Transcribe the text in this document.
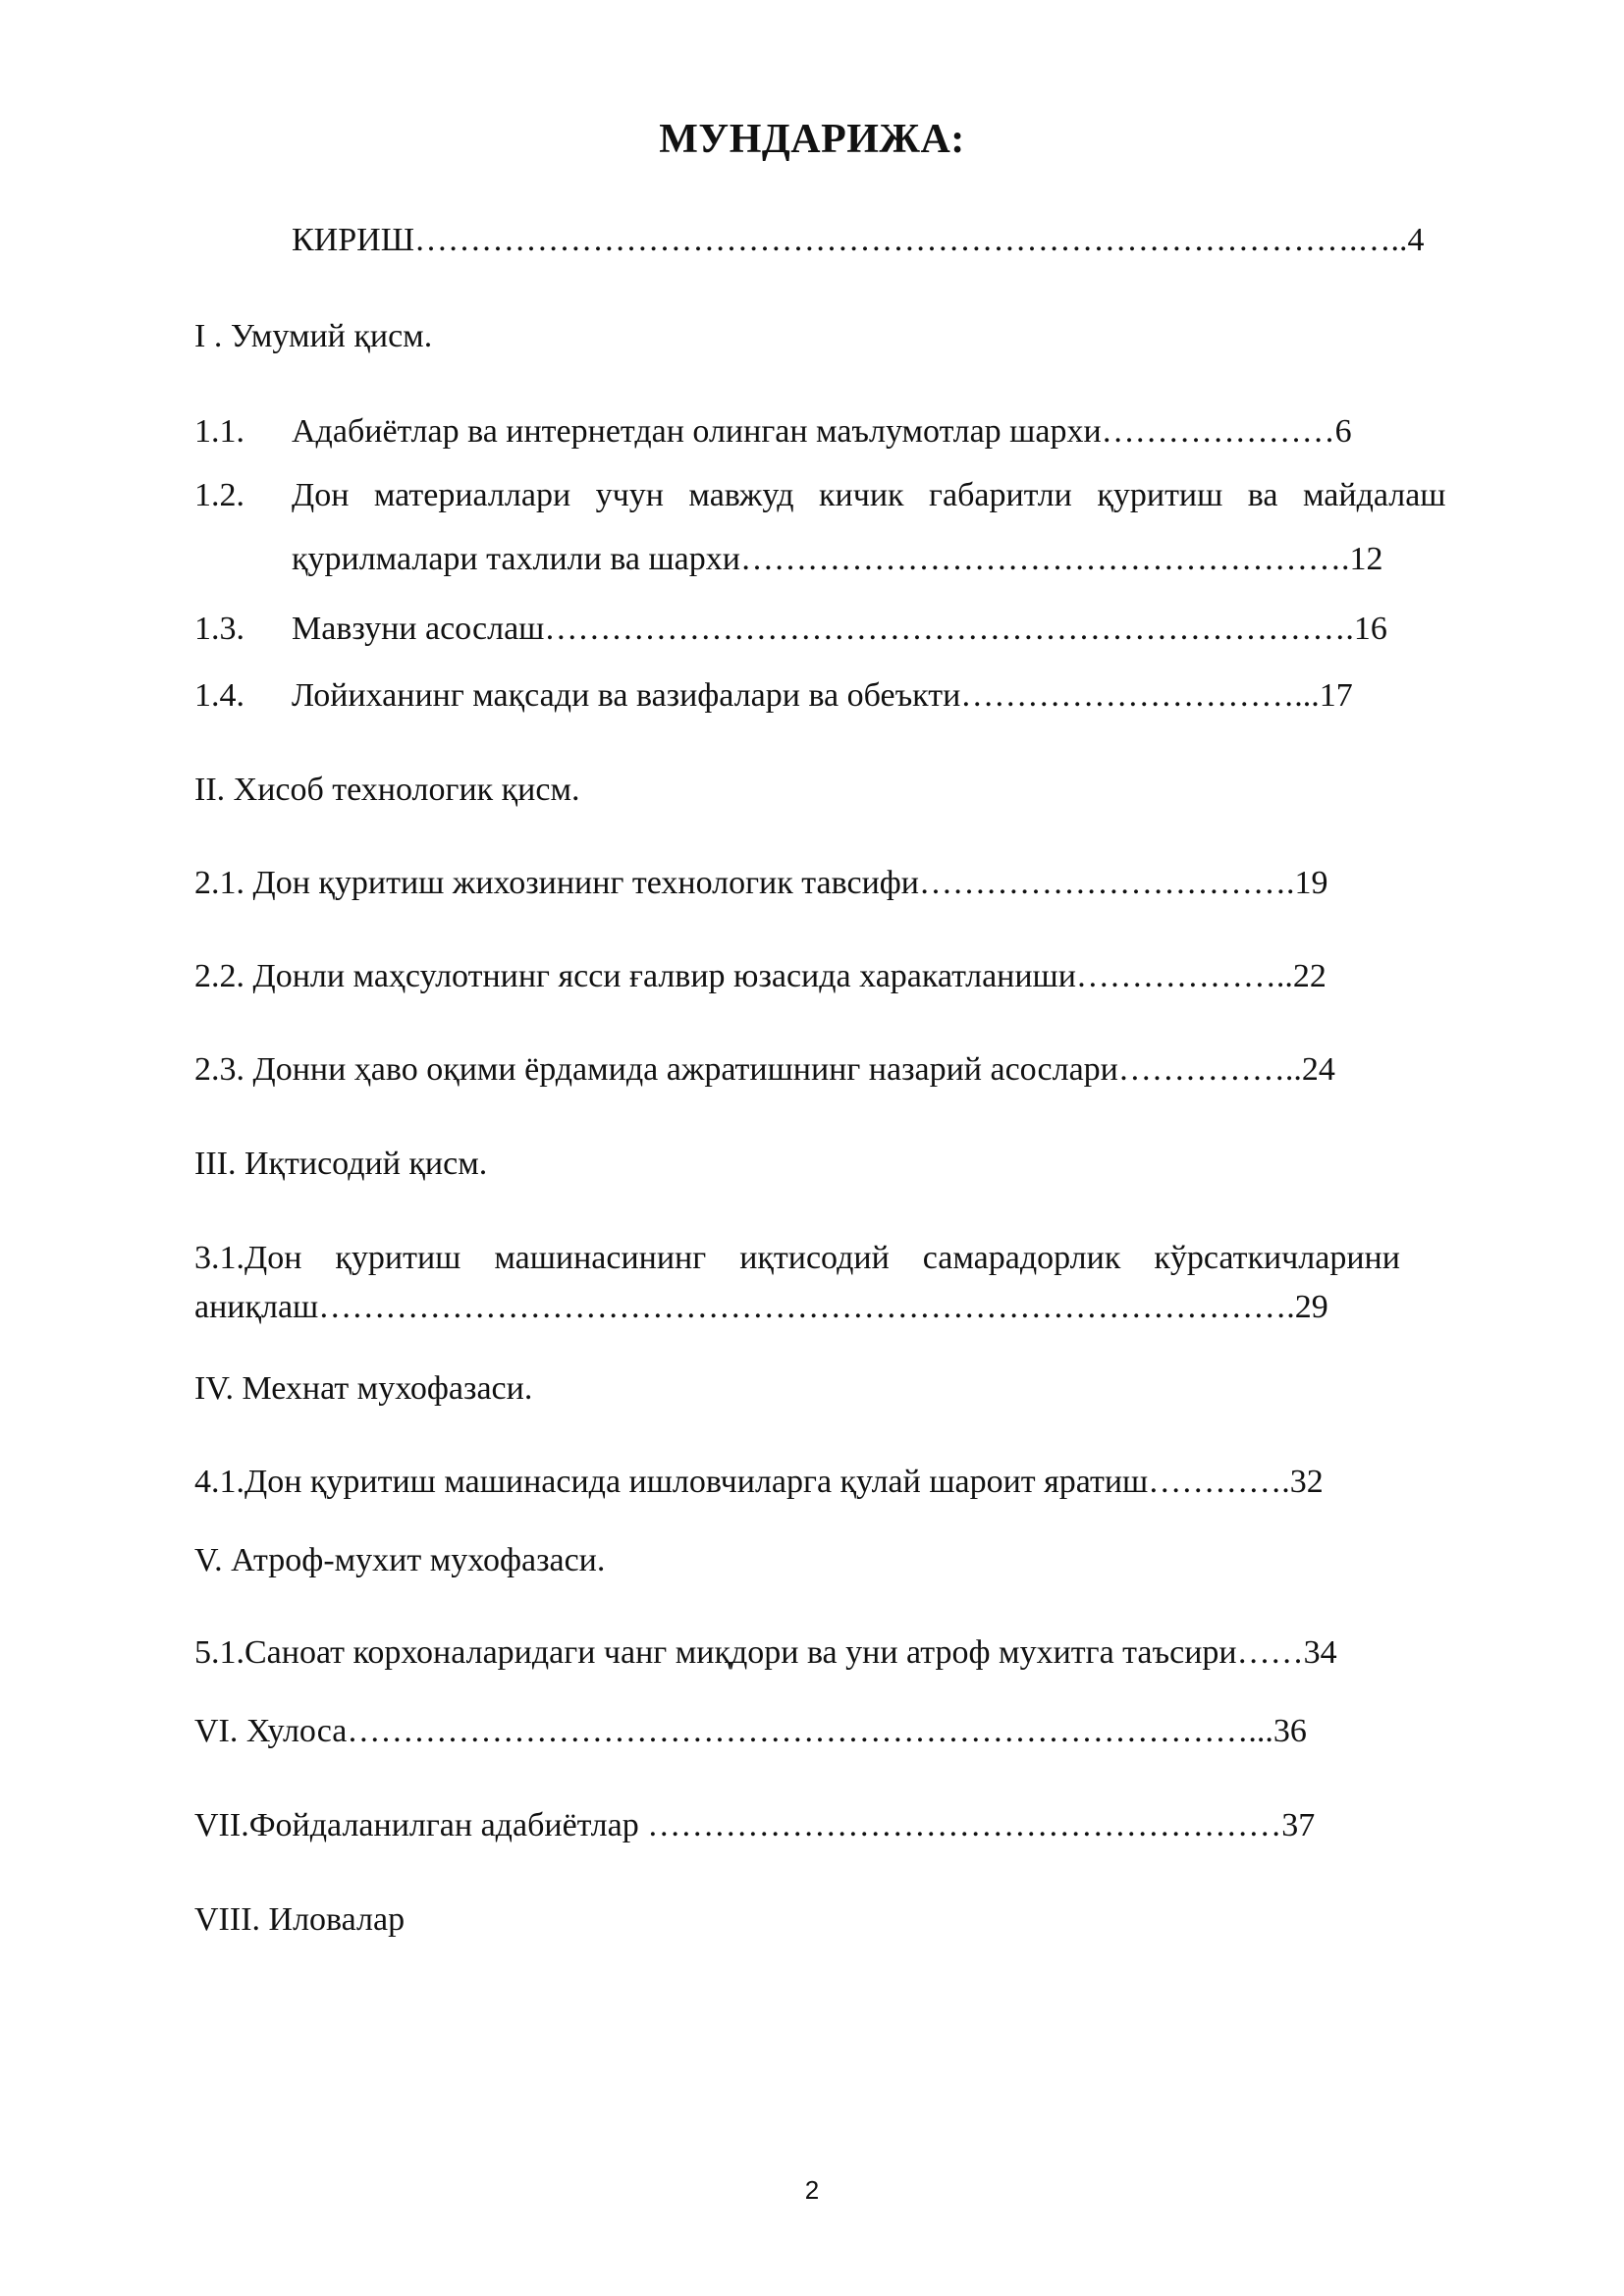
МУНДАРИЖА:
КИРИШ………………………………………………………………………….…..4
I . Умумий қисм.
1.1. Адабиётлар ва интернетдан олинган маълумотлар шархи…………………6
1.2. Дон   материаллари   учун   мавжуд   кичик   габаритли   қуритиш   ва   майдалаш
қурилмалари тахлили ва шархи……………………………………………….12
1.3. Мавзуни асослаш……………………………………………………………….16
1.4. Лойиханинг мақсади ва вазифалари ва обеъкти…………………………...17
II. Хисоб технологик қисм.
2.1. Дон қуритиш жихозининг технологик тавсифи…………………………….19
2.2. Донли маҳсулотнинг ясси ғалвир юзасида харакатланиши………………..22
2.3. Донни ҳаво оқими ёрдамида ажратишнинг назарий асослари……………..24
III. Иқтисодий қисм.
3.1.Дон    қуритиш    машинасининг    иқтисодий    самарадорлик    кўрсаткичларини
аниқлаш…………………………………………………………………………….29
IV. Мехнат мухофазаси.
4.1.Дон қуритиш машинасида ишловчиларга қулай шароит яратиш………….32
V. Атроф-мухит мухофазаси.
5.1.Саноат корхоналаридаги чанг миқдори ва уни атроф мухитга таъсири……34
VI. Хулоса………………………………………………………………………...36
VII.Фойдаланилган адабиётлар …………………………………………………37
VIII. Иловалар
2
